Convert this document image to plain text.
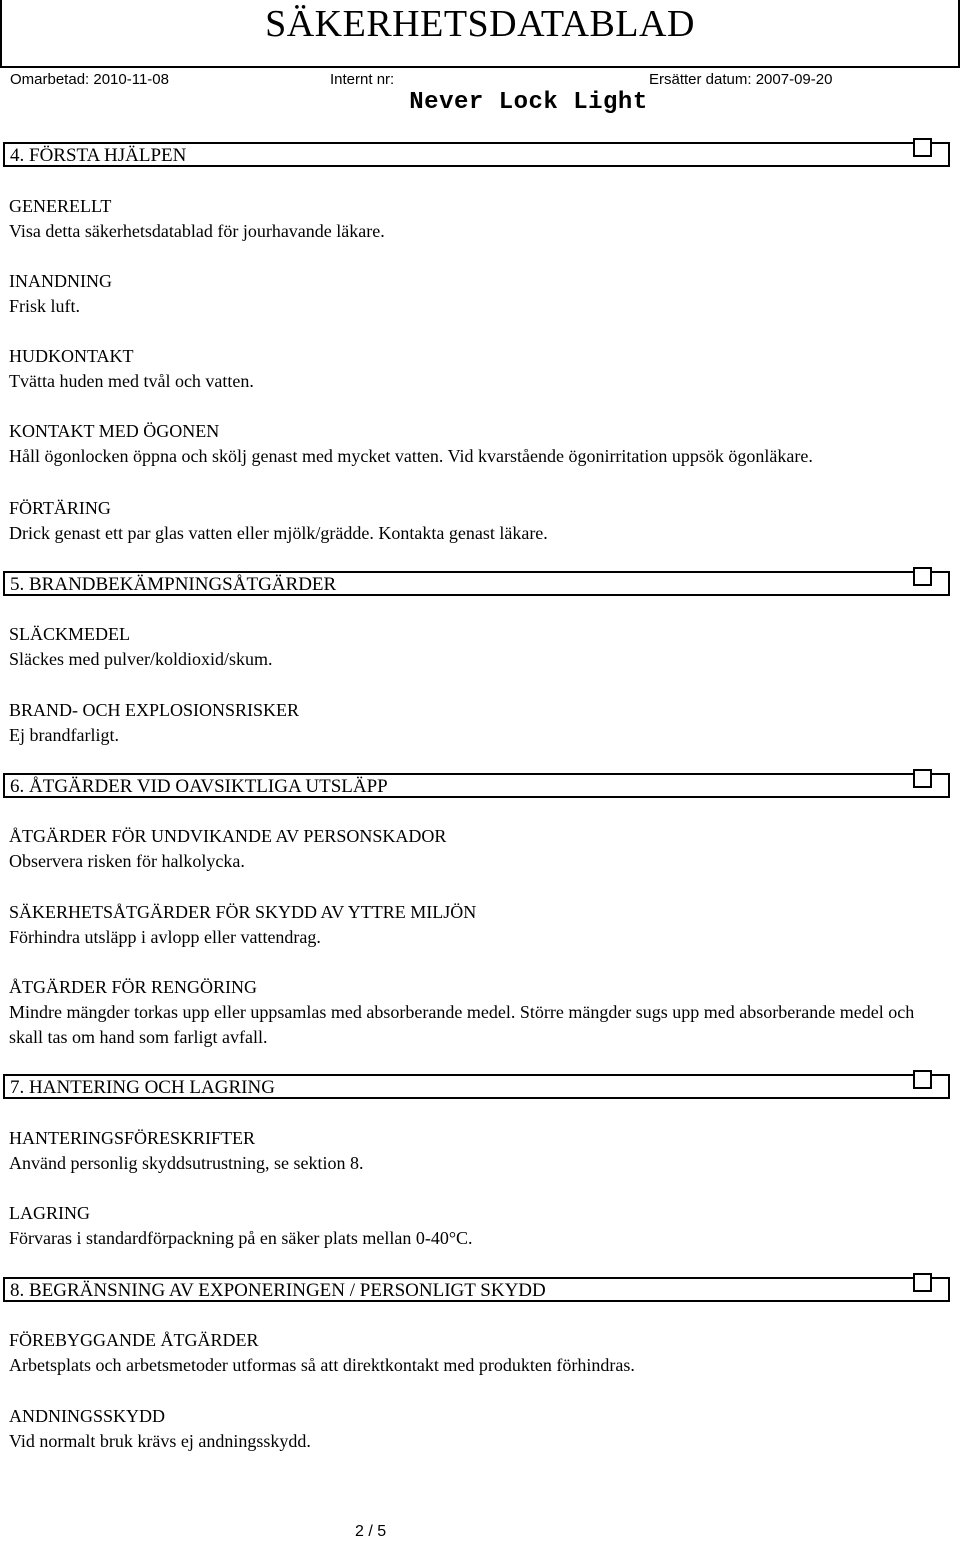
SÄKERHETSDATABLAD
Omarbetad: 2010-11-08	Internt nr:	Ersätter datum: 2007-09-20
Never Lock Light
4. FÖRSTA HJÄLPEN
GENERELLT
Visa detta säkerhetsdatablad för jourhavande läkare.
INANDNING
Frisk luft.
HUDKONTAKT
Tvätta huden med tvål och vatten.
KONTAKT MED ÖGONEN
Håll ögonlocken öppna och skölj genast med mycket vatten. Vid kvarstående ögonirritation uppsök ögonläkare.
FÖRTÄRING
Drick genast ett par glas vatten eller mjölk/grädde. Kontakta genast läkare.
5. BRANDBEKÄMPNINGSÅTGÄRDER
SLÄCKMEDEL
Släckes med pulver/koldioxid/skum.
BRAND- OCH EXPLOSIONSRISKER
Ej brandfarligt.
6. ÅTGÄRDER VID OAVSIKTLIGA UTSLÄPP
ÅTGÄRDER FÖR UNDVIKANDE AV PERSONSKADOR
Observera risken för halkolycka.
SÄKERHETSÅTGÄRDER FÖR SKYDD AV YTTRE MILJÖN
Förhindra utsläpp i avlopp eller vattendrag.
ÅTGÄRDER FÖR RENGÖRING
Mindre mängder torkas upp eller uppsamlas med absorberande medel. Större mängder sugs upp med absorberande medel och skall tas om hand som farligt avfall.
7. HANTERING OCH LAGRING
HANTERINGSFÖRESKRIFTER
Använd personlig skyddsutrustning, se sektion 8.
LAGRING
Förvaras i standardförpackning på en säker plats mellan 0-40°C.
8. BEGRÄNSNING AV EXPONERINGEN / PERSONLIGT SKYDD
FÖREBYGGANDE ÅTGÄRDER
Arbetsplats och arbetsmetoder utformas så att direktkontakt med produkten förhindras.
ANDNINGSSKYDD
Vid normalt bruk krävs ej andningsskydd.
2 / 5
